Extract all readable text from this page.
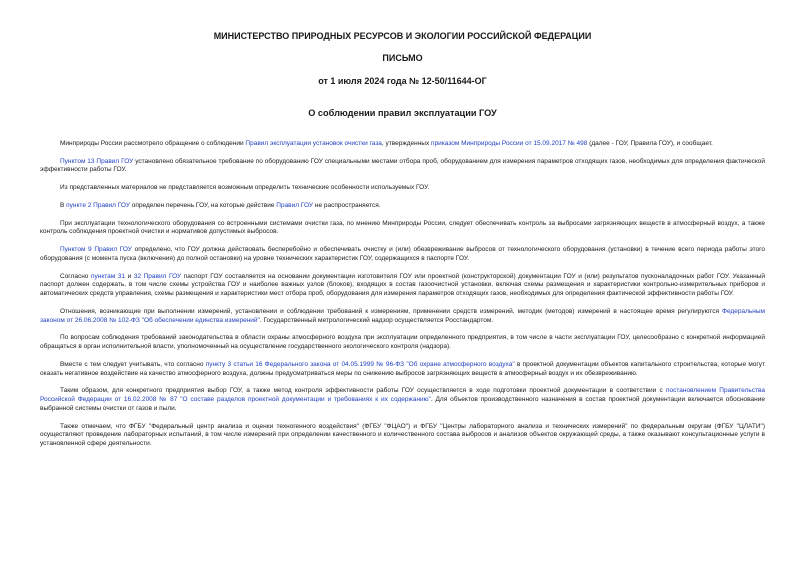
МИНИСТЕРСТВО ПРИРОДНЫХ РЕСУРСОВ И ЭКОЛОГИИ РОССИЙСКОЙ ФЕДЕРАЦИИ
ПИСЬМО
от 1 июля 2024 года № 12-50/11644-ОГ
О соблюдении правил эксплуатации ГОУ

Минприроды России рассмотрело обращение о соблюдении Правил эксплуатации установок очистки газа, утвержденных приказом Минприроды России от 15.09.2017 № 498 (далее - ГОУ, Правила ГОУ), и сообщает.

Пунктом 13 Правил ГОУ установлено обязательное требование по оборудованию ГОУ специальными местами отбора проб, оборудованием для измерения параметров отходящих газов, необходимых для определения фактической эффективности работы ГОУ.

Из представленных материалов не представляется возможным определить технические особенности используемых ГОУ.

В пункте 2 Правил ГОУ определен перечень ГОУ, на которые действие Правил ГОУ не распространяется.

При эксплуатации технологического оборудования со встроенными системами очистки газа, по мнению Минприроды России, следует обеспечивать контроль за выбросами загрязняющих веществ в атмосферный воздух, а также контроль соблюдения проектной очистки и нормативов допустимых выбросов.

Пунктом 9 Правил ГОУ определено, что ГОУ должна действовать бесперебойно и обеспечивать очистку и (или) обезвреживание выбросов от технологического оборудования (установки) в течение всего периода работы этого оборудования (с момента пуска (включения) до полной остановки) на уровне технических характеристик ГОУ, содержащихся в паспорте ГОУ.

Согласно пунктам 31 и 32 Правил ГОУ паспорт ГОУ составляется на основании документации изготовителя ГОУ или проектной (конструкторской) документации ГОУ и (или) результатов пусконаладочных работ ГОУ. Указанный паспорт должен содержать, в том числе схемы устройства ГОУ и наиболее важных узлов (блоков), входящих в состав газоочистной установки, включая схемы размещения и характеристики контрольно-измерительных приборов и автоматических средств управления, схемы размещения и характеристики мест отбора проб, оборудования для измерения параметров отходящих газов, необходимых для определения фактической эффективности работы ГОУ.

Отношения, возникающие при выполнении измерений, установлении и соблюдении требований к измерениям, применении средств измерений, методик (методов) измерений в настоящее время регулируются Федеральным законом от 26.06.2008 № 102-ФЗ "Об обеспечении единства измерений". Государственный метрологический надзор осуществляется Росстандартом.

По вопросам соблюдения требований законодательства в области охраны атмосферного воздуха при эксплуатации определенного предприятия, в том числе в части эксплуатации ГОУ, целесообразно с конкретной информацией обращаться в орган исполнительной власти, уполномоченный на осуществление государственного экологического контроля (надзора).

Вместе с тем следует учитывать, что согласно пункту 3 статьи 16 Федерального закона от 04.05.1999 № 96-ФЗ "Об охране атмосферного воздуха" в проектной документации объектов капитального строительства, которые могут оказать негативное воздействие на качество атмосферного воздуха, должны предусматриваться меры по снижению выбросов загрязняющих веществ в атмосферный воздух и их обезвреживанию.

Таким образом, для конкретного предприятия выбор ГОУ, а также метод контроля эффективности работы ГОУ осуществляется в ходе подготовки проектной документации в соответствии с постановлением Правительства Российской Федерации от 16.02.2008 № 87 "О составе разделов проектной документации и требованиях к их содержанию". Для объектов производственного назначения в состав проектной документации включается обоснование выбранной системы очистки от газов и пыли.

Также отмечаем, что ФГБУ "Федеральный центр анализа и оценки техногенного воздействия" (ФГБУ "ФЦАО") и ФГБУ "Центры лабораторного анализа и технических измерений" по федеральным округам (ФГБУ "ЦЛАТИ") осуществляют проведение лабораторных испытаний, в том числе измерений при определении качественного и количественного состава выбросов и анализов объектов окружающей среды, а также оказывают консультационные услуги в установленной сфере деятельности.
